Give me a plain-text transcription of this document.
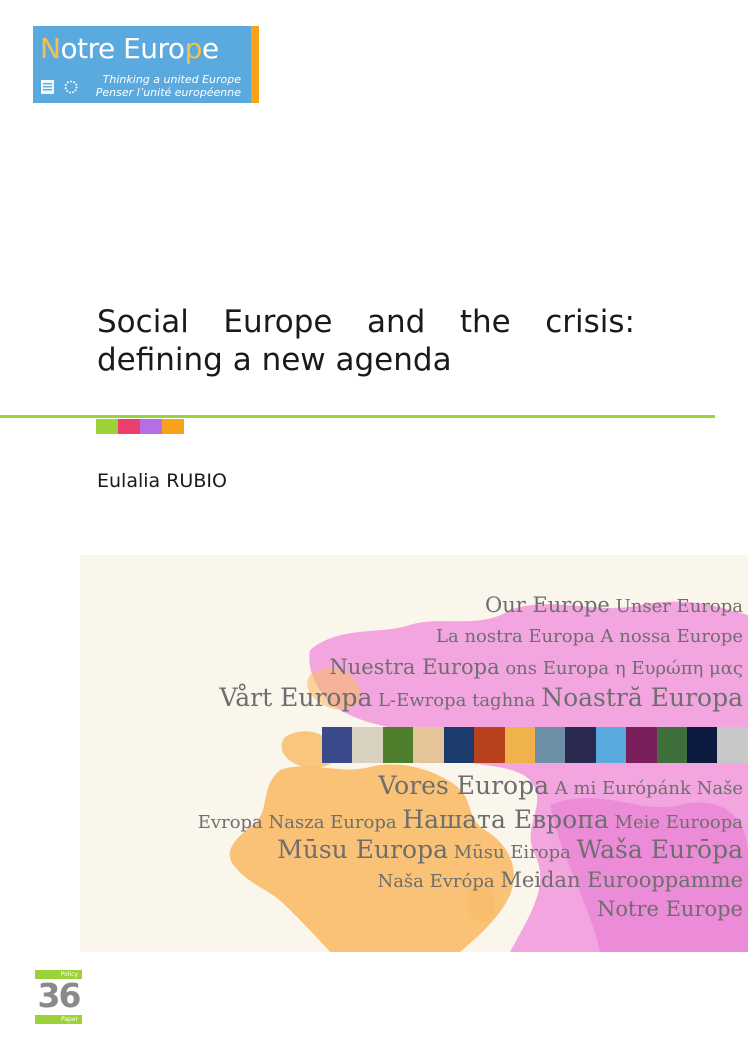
Notre Europe
Thinking a united Europe
Penser l’unité européenne
Social Europe and the crisis:
defining a new agenda
Eulalia RUBIO
Our Europe Unser Europa
La nostra Europa A nossa Europe
Nuestra Europa ons Europa η Ευρώπη μας
Vårt Europa L-Ewropa taghna Noastră Europa
Vores Europa A mi Európánk Naše
Evropa Nasza Europa Нашата Европа Meie Euroopa
Mūsu Europa Mūsu Eiropa Waša Eurōpa
Naša Evrópa Meidan Eurooppamme
Notre Europe
Policy
36
Paper
